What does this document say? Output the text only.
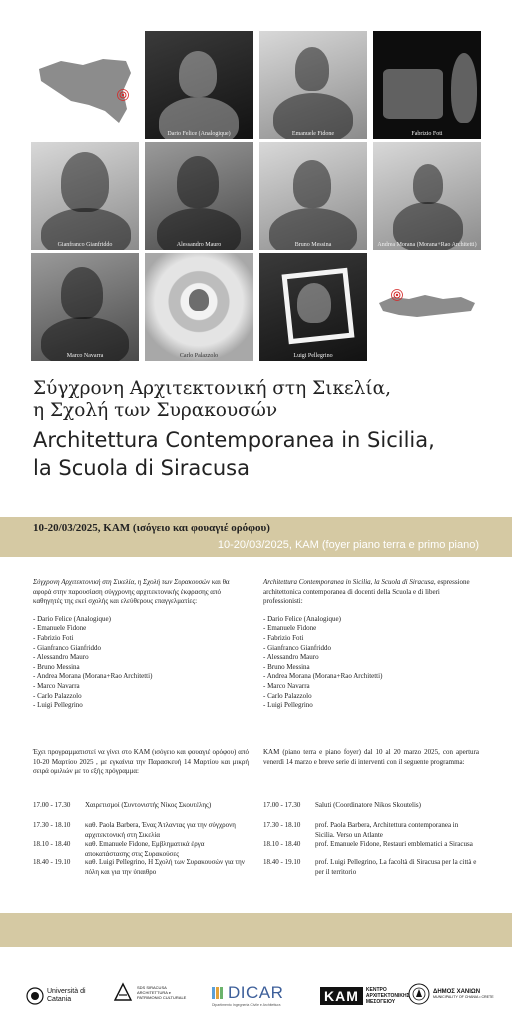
Dario Felice (Analogique)	Emanuele Fidone	Fabrizio Foti
Gianfranco Gianfriddo	Alessandro Mauro	Bruno Messina	Andrea Morana (Morana+Rao Architetti)
Marco Navarra	Carlo Palazzolo	Luigi Pellegrino
Σύγχρονη Αρχιτεκτονική στη Σικελία,
η Σχολή των Συρακουσών
Architettura Contemporanea in Sicilia,
la Scuola di Siracusa
10-20/03/2025, ΚΑΜ (ισόγειο και φουαγιέ ορόφου)
10-20/03/2025, KAM (foyer piano terra e primo piano)

Σύγχρονη Αρχιτεκτονική στη Σικελία, η Σχολή των Συρακουσών και θα αφορά στην παρουσίαση σύγχρονης αρχιτεκτονικής έκφρασης από καθηγητές της εκεί σχολής και ελεύθερους επαγγελματίες:

- Dario Felice (Analogique)
- Emanuele Fidone
- Fabrizio Foti
- Gianfranco Gianfriddo
- Alessandro Mauro
- Bruno Messina
- Andrea Morana (Morana+Rao Architetti)
- Marco Navarra
- Carlo Palazzolo
- Luigi Pellegrino

Architettura Contemporanea in Sicilia, la Scuola di Siracusa, espressione architettonica contemporanea di docenti della Scuola e di liberi professionisti:

- Dario Felice (Analogique)
- Emanuele Fidone
- Fabrizio Foti
- Gianfranco Gianfriddo
- Alessandro Mauro
- Bruno Messina
- Andrea Morana (Morana+Rao Architetti)
- Marco Navarra
- Carlo Palazzolo
- Luigi Pellegrino
Έχει προγραμματιστεί να γίνει στο ΚΑΜ (ισόγειο και φουαγιέ ορόφου) από 10-20 Μαρτίου 2025 , με εγκαίνια την Παρασκευή 14 Μαρτίου και μικρή σειρά ομιλιών με το εξής πρόγραμμα:
KAM (piano terra e piano foyer) dal 10 al 20 marzo 2025, con apertura venerdì 14 marzo e breve serie di interventi con il seguente programma:
17.00 - 17.30	Χαιρετισμοί (Συντονιστής Νίκος Σκουτέλης)
17.30 - 18.10	καθ. Paola Barbera, Ένας Άτλαντας για την σύγχρονη αρχιτεκτονική στη Σικελία
18.10 - 18.40	καθ. Emanuele Fidone, Εμβληματικά έργα αποκατάστασης στις Συρακούσες
18.40 - 19.10	καθ. Luigi Pellegrino, Η Σχολή των Συρακουσών για την πόλη και για την ύπαιθρο
17.00 - 17.30	Saluti (Coordinatore Nikos Skoutelis)
17.30 - 18.10	prof. Paola Barbera, Architettura contemporanea in Sicilia. Verso un Atlante
18.10 - 18.40	prof. Emanuele Fidone, Restauri emblematici a Siracusa
18.40 - 19.10	prof. Luigi Pellegrino, La facoltà di Siracusa per la città e per il territorio
Università di Catania
SDS SIRACUSA ARCHITETTURA e PATRIMONIO CULTURALE	DICAR
Dipartimento Ingegneria Civile e Architettura
KAM	ΚΕΝΤΡΟ ΑΡΧΙΤΕΚΤΟΝΙΚΗΣ ΜΕΣΟΓΕΙΟΥ
ΔΗΜΟΣ ΧΑΝΙΩΝ
MUNICIPALITY OF CHANIA • CRETE
